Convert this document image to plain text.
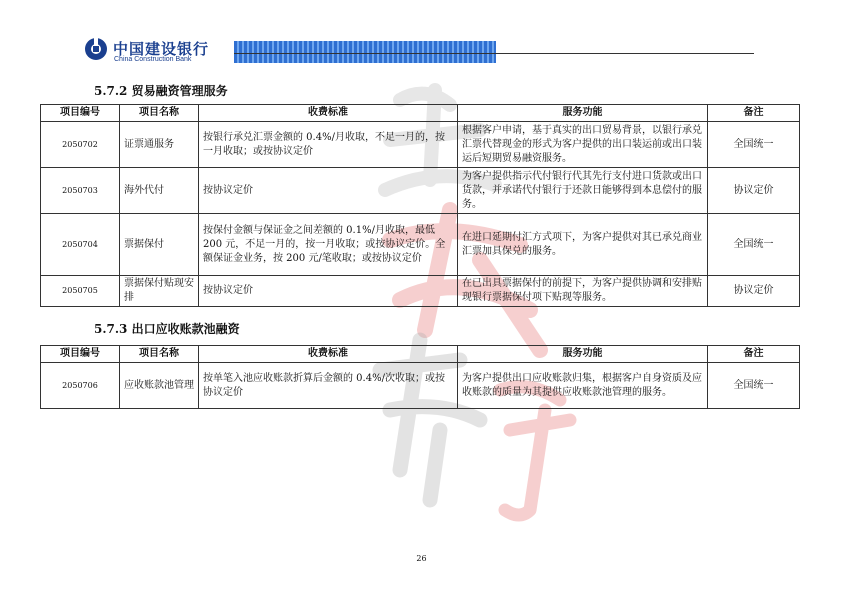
中国建设银行
China Construction Bank
5.7.2 贸易融资管理服务
项目编号	项目名称	收费标准	服务功能	备注
2050702	证票通服务	按银行承兑汇票金额的 0.4%/月收取，不足一月的，按一月收取；或按协议定价	根据客户申请，基于真实的出口贸易背景，以银行承兑汇票代替现金的形式为客户提供的出口装运前或出口装运后短期贸易融资服务。	全国统一
2050703	海外代付	按协议定价	为客户提供指示代付银行代其先行支付进口货款或出口货款，并承诺代付银行于还款日能够得到本息偿付的服务。	协议定价
2050704	票据保付	按保付金额与保证金之间差额的 0.1%/月收取，最低 200 元，不足一月的，按一月收取；或按协议定价。全额保证金业务，按 200 元/笔收取；或按协议定价	在进口延期付汇方式项下，为客户提供对其已承兑商业汇票加具保兑的服务。	全国统一
2050705	票据保付贴现安排	按协议定价	在已出具票据保付的前提下，为客户提供协调和安排贴现银行票据保付项下贴现等服务。	协议定价
5.7.3 出口应收账款池融资
项目编号	项目名称	收费标准	服务功能	备注
2050706	应收账款池管理	按单笔入池应收账款折算后金额的 0.4%/次收取；或按协议定价	为客户提供出口应收账款归集，根据客户自身资质及应收账款的质量为其提供应收账款池管理的服务。	全国统一
26
